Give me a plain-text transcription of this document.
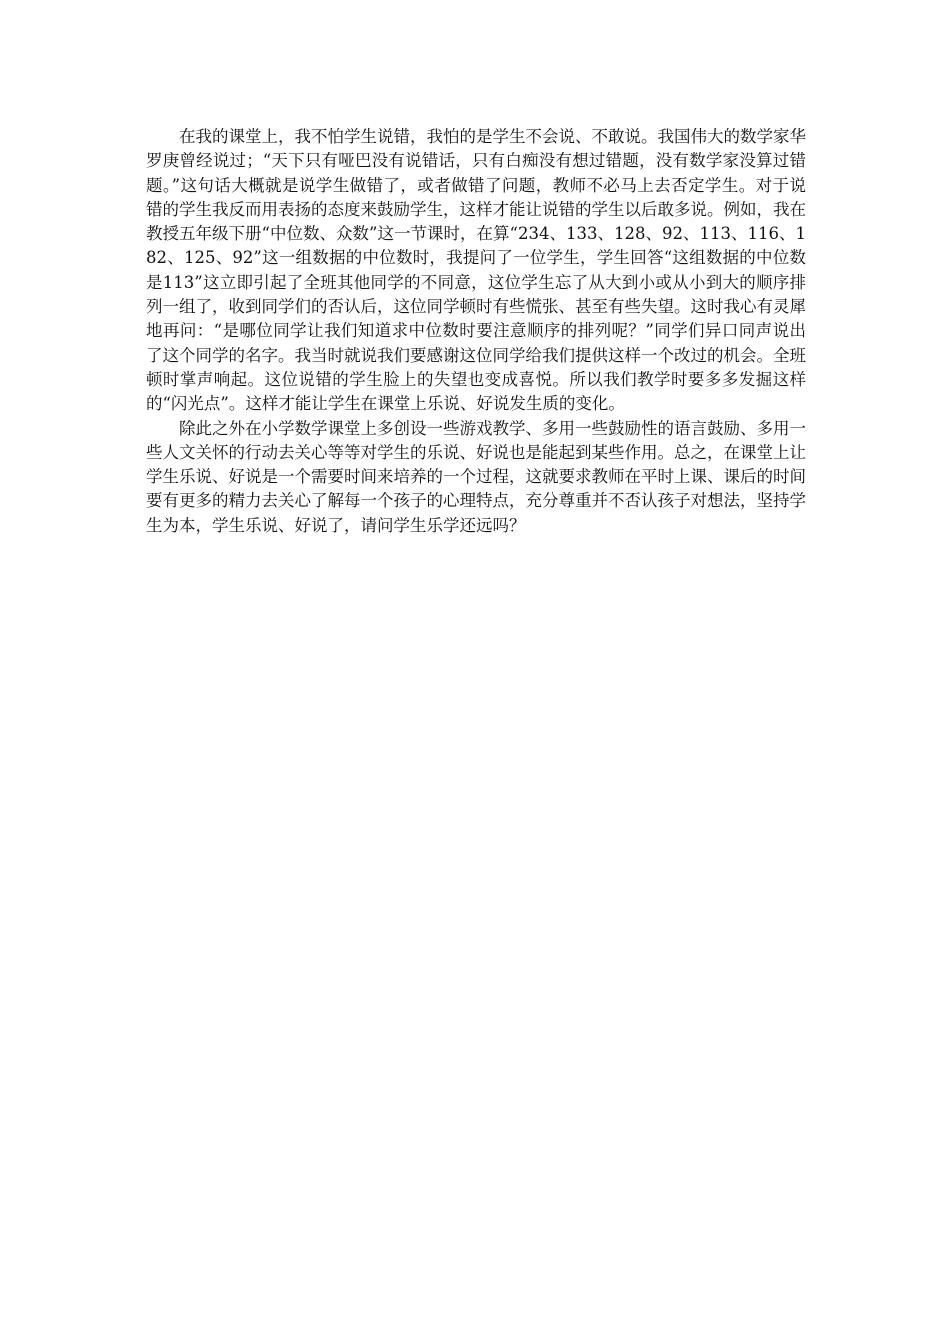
在我的课堂上，我不怕学生说错，我怕的是学生不会说、不敢说。我国伟大的数学家华罗庚曾经说过；“天下只有哑巴没有说错话，只有白痴没有想过错题，没有数学家没算过错题。”这句话大概就是说学生做错了，或者做错了问题，教师不必马上去否定学生。对于说错的学生我反而用表扬的态度来鼓励学生，这样才能让说错的学生以后敢多说。例如，我在教授五年级下册“中位数、众数”这一节课时，在算“234、133、128、92、113、116、182、125、92”这一组数据的中位数时，我提问了一位学生，学生回答“这组数据的中位数是113”这立即引起了全班其他同学的不同意，这位学生忘了从大到小或从小到大的顺序排列一组了，收到同学们的否认后，这位同学顿时有些慌张、甚至有些失望。这时我心有灵犀地再问：“是哪位同学让我们知道求中位数时要注意顺序的排列呢？”同学们异口同声说出了这个同学的名字。我当时就说我们要感谢这位同学给我们提供这样一个改过的机会。全班顿时掌声响起。这位说错的学生脸上的失望也变成喜悦。所以我们教学时要多多发掘这样的“闪光点”。这样才能让学生在课堂上乐说、好说发生质的变化。

除此之外在小学数学课堂上多创设一些游戏教学、多用一些鼓励性的语言鼓励、多用一些人文关怀的行动去关心等等对学生的乐说、好说也是能起到某些作用。总之，在课堂上让学生乐说、好说是一个需要时间来培养的一个过程，这就要求教师在平时上课、课后的时间要有更多的精力去关心了解每一个孩子的心理特点，充分尊重并不否认孩子对想法，坚持学生为本，学生乐说、好说了，请问学生乐学还远吗？
